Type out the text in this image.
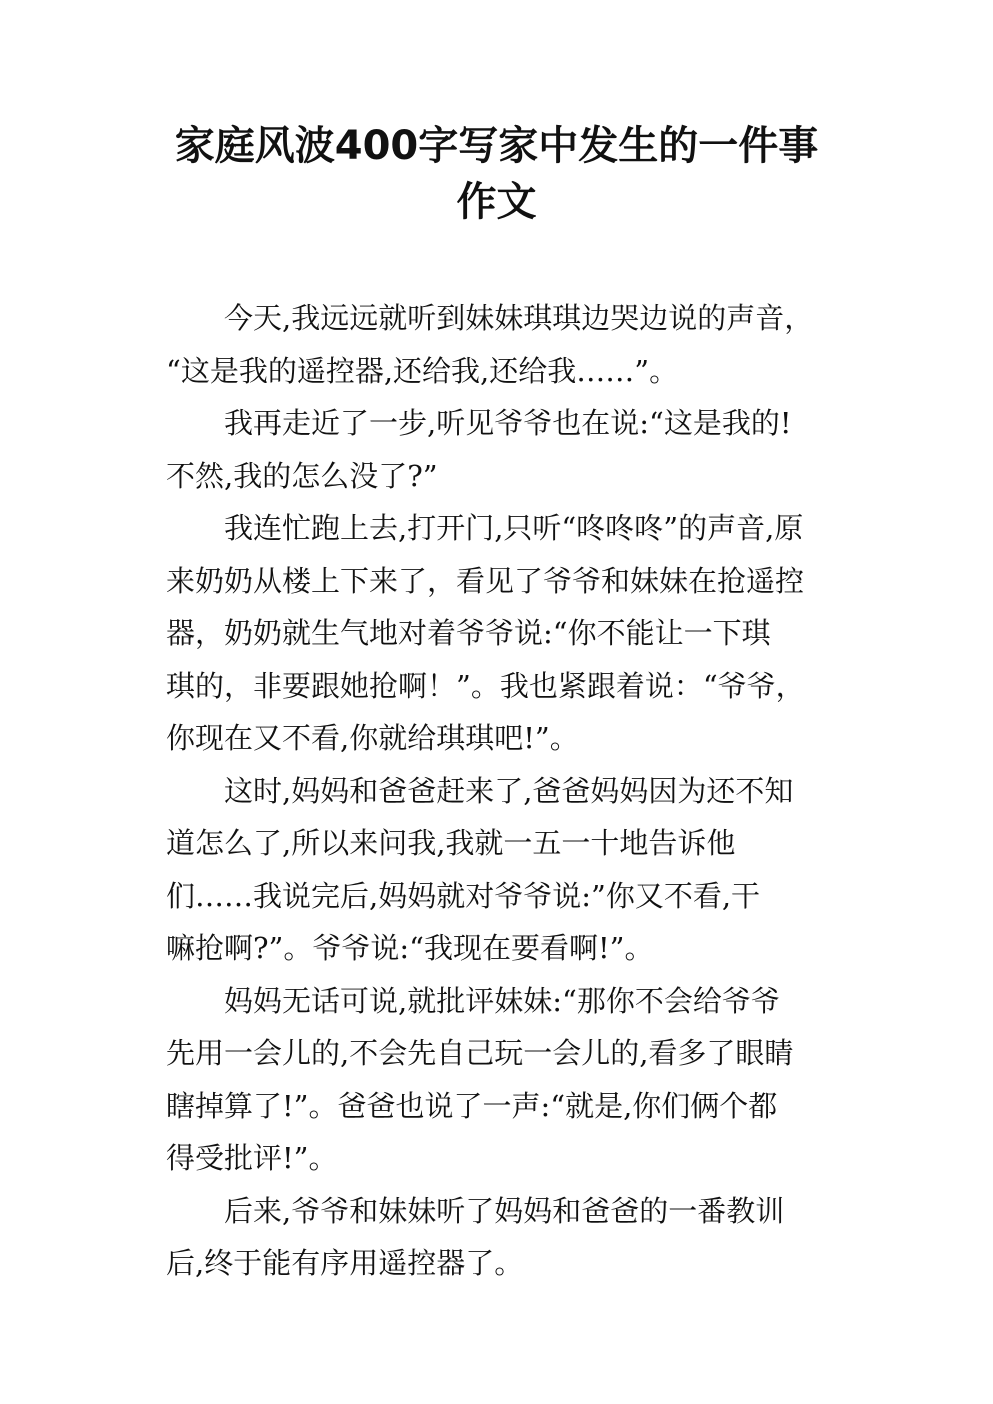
家庭风波400字写家中发生的一件事
作文

今天,我远远就听到妹妹琪琪边哭边说的声音，
“这是我的遥控器,还给我,还给我……”。

我再走近了一步,听见爷爷也在说:“这是我的!
不然,我的怎么没了?”

我连忙跑上去,打开门,只听“咚咚咚”的声音,原
来奶奶从楼上下来了，看见了爷爷和妹妹在抢遥控
器，奶奶就生气地对着爷爷说:“你不能让一下琪
琪的，非要跟她抢啊！”。我也紧跟着说：“爷爷，
你现在又不看,你就给琪琪吧!”。

这时,妈妈和爸爸赶来了,爸爸妈妈因为还不知
道怎么了,所以来问我,我就一五一十地告诉他
们……我说完后,妈妈就对爷爷说:”你又不看,干
嘛抢啊?”。爷爷说:“我现在要看啊!”。

妈妈无话可说,就批评妹妹:“那你不会给爷爷
先用一会儿的,不会先自己玩一会儿的,看多了眼睛
瞎掉算了!”。爸爸也说了一声:“就是,你们俩个都
得受批评!”。

后来,爷爷和妹妹听了妈妈和爸爸的一番教训
后,终于能有序用遥控器了。
